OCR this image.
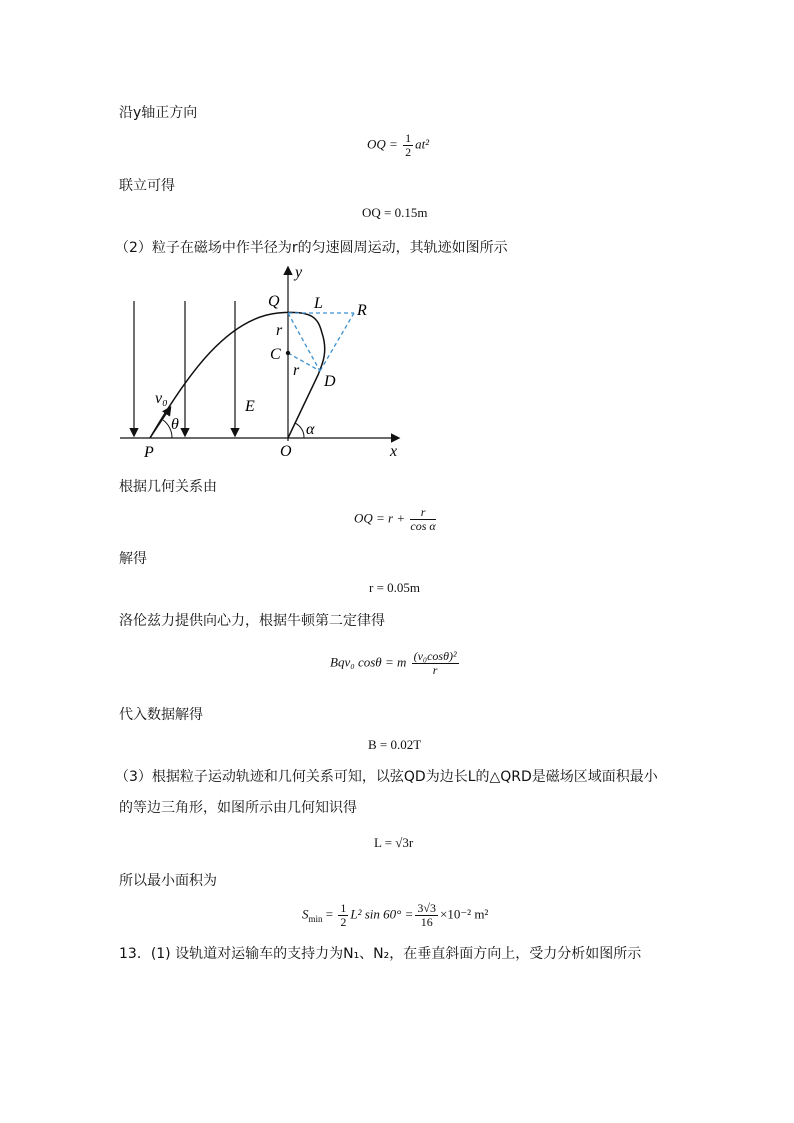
沿y轴正方向
OQ = $\frac{1}{2} at^2$
联立可得
OQ = 0.15m
（2）粒子在磁场中作半径为r的匀速圆周运动，其轨迹如图所示
y
x
Q L R
r
C
r
D
v₀
θ
E
P	O
α
根据几何关系由
OQ = $r + \frac{r}{\text{cos α}}$
解得
r = 0.05m
洛伦兹力提供向心力，根据牛顿第二定律得
Bqv₀ cosθ = m $\frac{\text{(v₀cosθ)²}}{r}$
代入数据解得
B = 0.02T
（3）根据粒子运动轨迹和几何关系可知，以弦QD为边长L的△QRD是磁场区域面积最小
的等边三角形，如图所示由几何知识得
L = √3r
所以最小面积为
$S_{min} = \frac{1}{2} L^2$ $\sin 60^\circ = \frac{3√3}{16} \times 10^{-2}$ m²
13．(1) 设轨道对运输车的支持力为N₁、N₂，在垂直斜面方向上，受力分析如图所示
